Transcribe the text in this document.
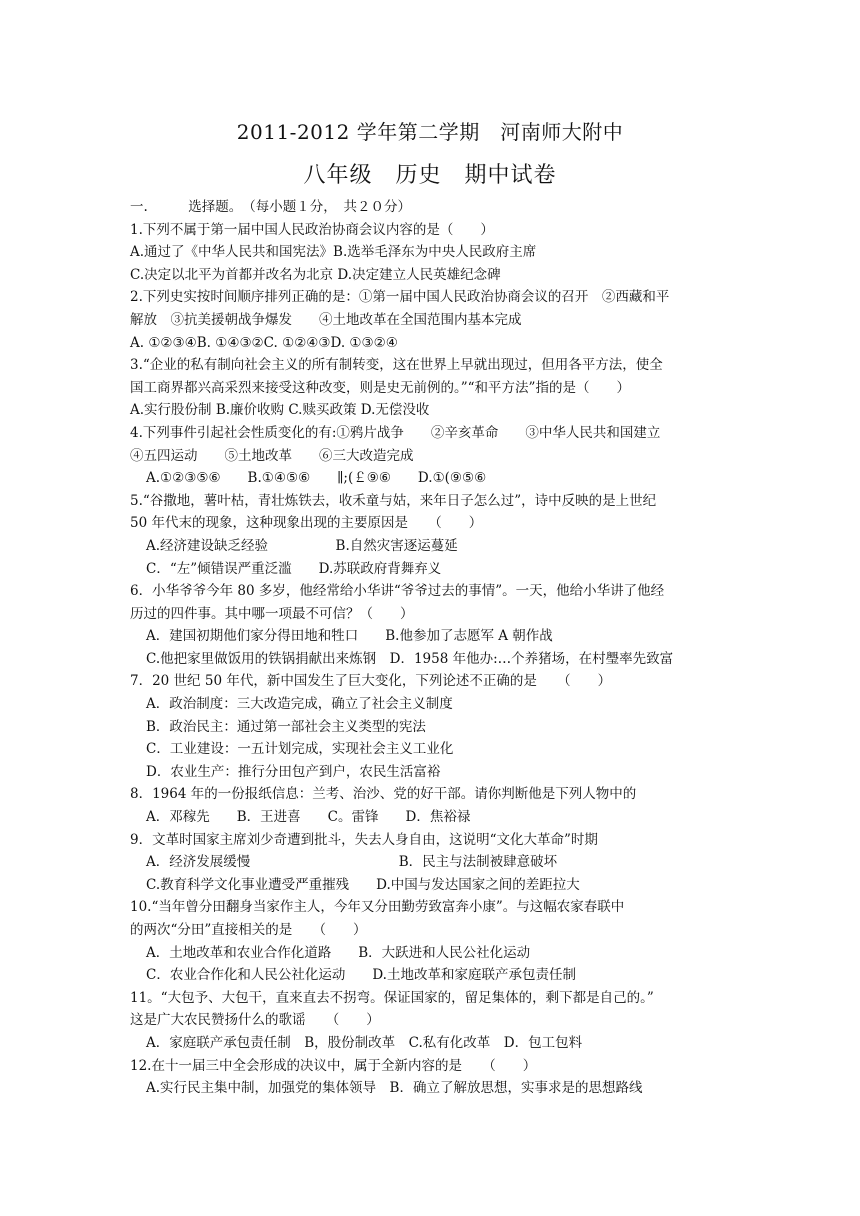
2011-2012 学年第二学期　河南师大附中
八年级　历史　期中试卷
一.　　　选择题。　（每小题１分，　共２０分）
1.下列不属于第一届中国人民政治协商会议内容的是（　　）
A.通过了《中华人民共和国宪法》B.选举毛泽东为中央人民政府主席
C.决定以北平为首都并改名为北京 D.决定建立人民英雄纪念碑
2.下列史实按时间顺序排列正确的是：①第一届中国人民政治协商会议的召开　②西藏和平
解放　③抗美援朝战争爆发　　④土地改革在全国范围内基本完成
A. ①②③④B. ①④③②C. ①②④③D. ①③②④
3.“企业的私有制向社会主义的所有制转变，这在世界上早就出现过，但用各平方法，使全
国工商界都兴高采烈来接受这种改变，则是史无前例的。”“和平方法”指的是（　　）
A.实行股份制 B.廉价收购 C.赎买政策 D.无偿没收
4.下列事件引起社会性质变化的有:①鸦片战争　　②辛亥革命　　③中华人民共和国建立
④五四运动　　⑤土地改革　　⑥三大改造完成
A.①②③⑤⑥　　B.①④⑤⑥　　∥;(￡⑨⑥　　D.①(⑨⑤⑥
5.“谷撒地，薯叶枯，青壮炼铁去，收禾童与姑，来年日子怎么过”，诗中反映的是上世纪
50 年代末的现象，这种现象出现的主要原因是　　（　　）
A.经济建设缺乏经验　　　　　B.自然灾害逐运蔓延
C．“左”倾错误严重泛滥　　D.苏联政府背舞弃义
6．小华爷爷今年 80 多岁，他经常给小华讲“爷爷过去的事情”。一天，他给小华讲了他经
历过的四件事。其中哪一项最不可信？（　　）
A．建国初期他们家分得田地和牲口　　B.他参加了志愿军 A 朝作战
C.他把家里做饭用的铁锅捐献出来炼钢　D．1958 年他办:…个养猪场，在村璺率先致富
7．20 世纪 50 年代，新中国发生了巨大变化，下列论述不正确的是　　（　　）
A．政治制度：三大改造完成，确立了社会主义制度
B．政治民主：通过第一部社会主义类型的宪法
C．工业建设：一五计划完成，实现社会主义工业化
D．农业生产：推行分田包产到户，农民生活富裕
8．1964 年的一份报纸信息：兰考、治沙、党的好干部。请你判断他是下列人物中的
A．邓稼先　　B．王进喜　　C。雷锋　　D．焦裕禄
9．文革时国家主席刘少奇遭到批斗，失去人身自由，这说明“文化大革命”时期
A．经济发展缓慢　　　　　　　　　　　B．民主与法制被肆意破坏
C.教育科学文化事业遭受严重摧残　　D.中国与发达国家之间的差距拉大
10.“当年曾分田翻身当家作主人，今年又分田勤劳致富奔小康”。与这幅农家春联中
的两次“分田”直接相关的是　　（　　）
A．土地改革和农业合作化道路　　B．大跃进和人民公社化运动
C．农业合作化和人民公社化运动　　D.土地改革和家庭联产承包责任制
11。“大包予、大包干，直来直去不拐弯。保证国家的，留足集体的，剩下都是自己的。”
这是广大农民赞扬什么的歌谣　　（　　）
A．家庭联产承包责任制　B，股份制改革　C.私有化改革　D．包工包料
12.在十一届三中全会形成的决议中，属于全新内容的是　　（　　）
A.实行民主集中制，加强党的集体领导　B．确立了解放思想，实事求是的思想路线
